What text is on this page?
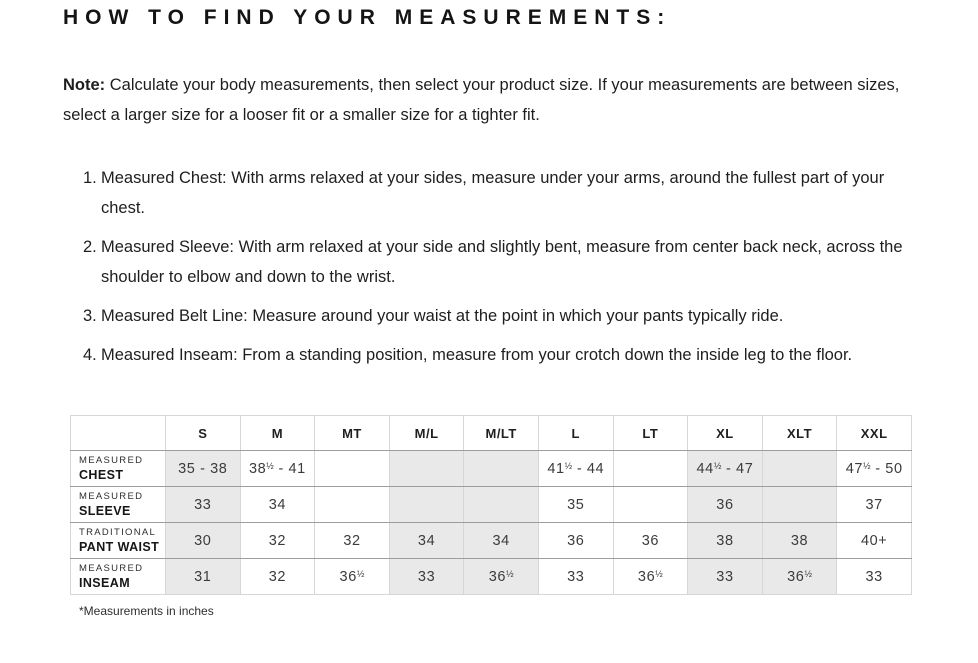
HOW TO FIND YOUR MEASUREMENTS:

Note: Calculate your body measurements, then select your product size. If your measurements are between sizes, select a larger size for a looser fit or a smaller size for a tighter fit.

1. Measured Chest: With arms relaxed at your sides, measure under your arms, around the fullest part of your chest.
2. Measured Sleeve: With arm relaxed at your side and slightly bent, measure from center back neck, across the shoulder to elbow and down to the wrist.
3. Measured Belt Line: Measure around your waist at the point in which your pants typically ride.
4. Measured Inseam: From a standing position, measure from your crotch down the inside leg to the floor.
	S	M	MT	M/L	M/LT	L	LT	XL	XLT	XXL

MEASURED
CHEST	35 - 38	$38^{\frac{1}{2}} - 41$				$41^{\frac{1}{2}} - 44$		$44^{\frac{1}{2}} - 47$		$47^{\frac{1}{2}} - 50$

MEASURED
SLEEVE	33	34				35		36		37

TRADITIONAL
PANT WAIST	30	32	32	34	34	36	36	38	38	40+

MEASURED
INSEAM	31	32	$36^{\frac{1}{2}}$	33	$36^{\frac{1}{2}}$	33	$36^{\frac{1}{2}}$	33	$36^{\frac{1}{2}}$	33
*Measurements in inches
